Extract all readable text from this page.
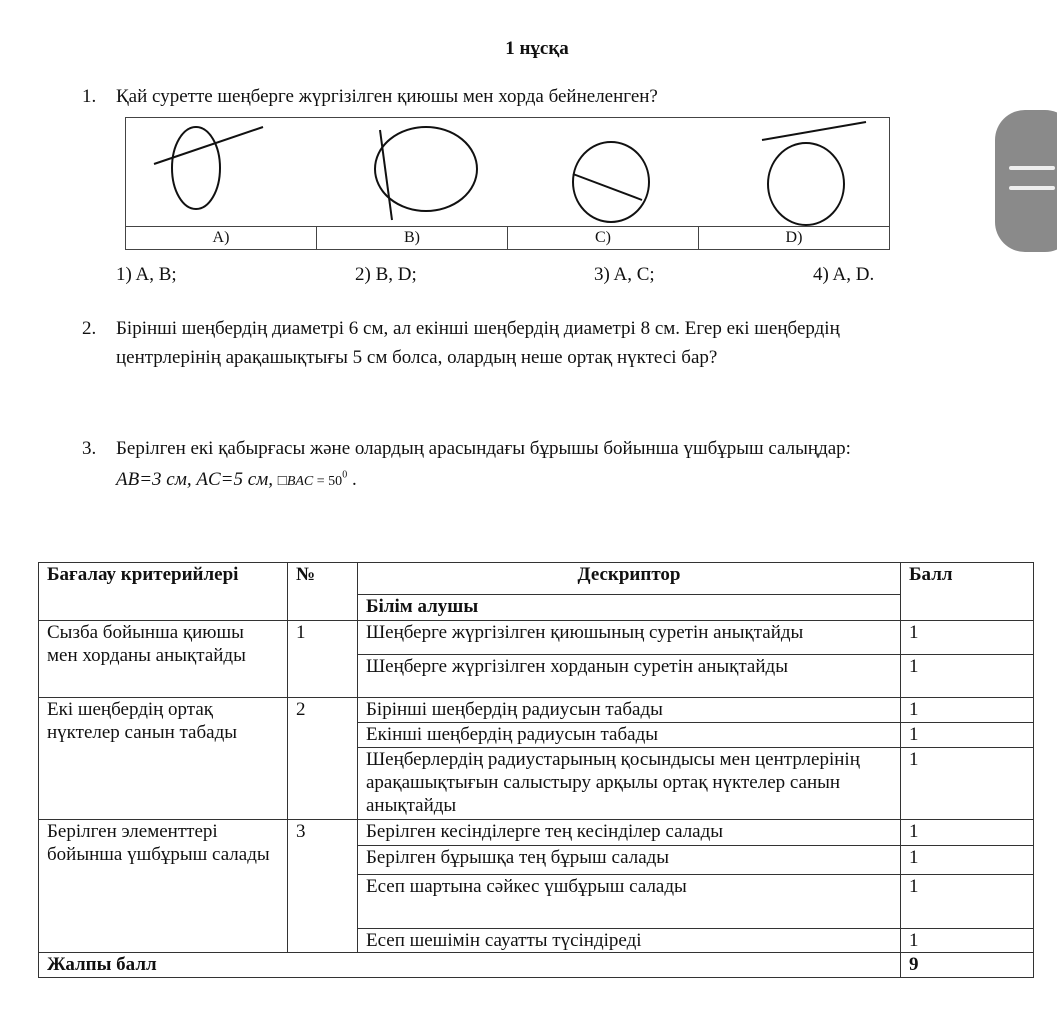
1 нұсқа
1. Қай суретте шеңберге жүргізілген қиюшы мен хорда бейнеленген?
A)	B)	C)	D)
1) A, B;	2) B, D;	3) A, C;	4) A, D.
2. Бірінші шеңбердің диаметрі 6 см, ал екінші шеңбердің диаметрі 8 см. Егер екі шеңбердің
центрлерінің арақашықтығы 5 см болса, олардың неше ортақ нүктесі бар?
3. Берілген екі қабырғасы және олардың арасындағы бұрышы бойынша үшбұрыш салыңдар:
AB=3 см, AC=5 см, □BAC = $50^0$ .
Бағалау критерийлері	№	Дескриптор	Балл
		Білім алушы	
Сызба бойынша қиюшы мен хорданы анықтайды	1	Шеңберге жүргізілген қиюшының суретін анықтайды	1
		Шеңберге жүргізілген хорданын суретін анықтайды	1
Екі шеңбердің ортақ нүктелер санын табады	2	Бірінші шеңбердің радиусын табады	1
		Екінші шеңбердің радиусын табады	1
		Шеңберлердің радиустарының қосындысы мен центрлерінің арақашықтығын салыстыру арқылы ортақ нүктелер санын анықтайды	1
Берілген элементтері бойынша үшбұрыш салады	3	Берілген кесінділерге тең кесінділер салады	1
		Берілген бұрышқа тең бұрыш салады	1
		Есеп шартына сәйкес үшбұрыш салады	1
		Есеп шешімін сауатты түсіндіреді	1
Жалпы балл			9
